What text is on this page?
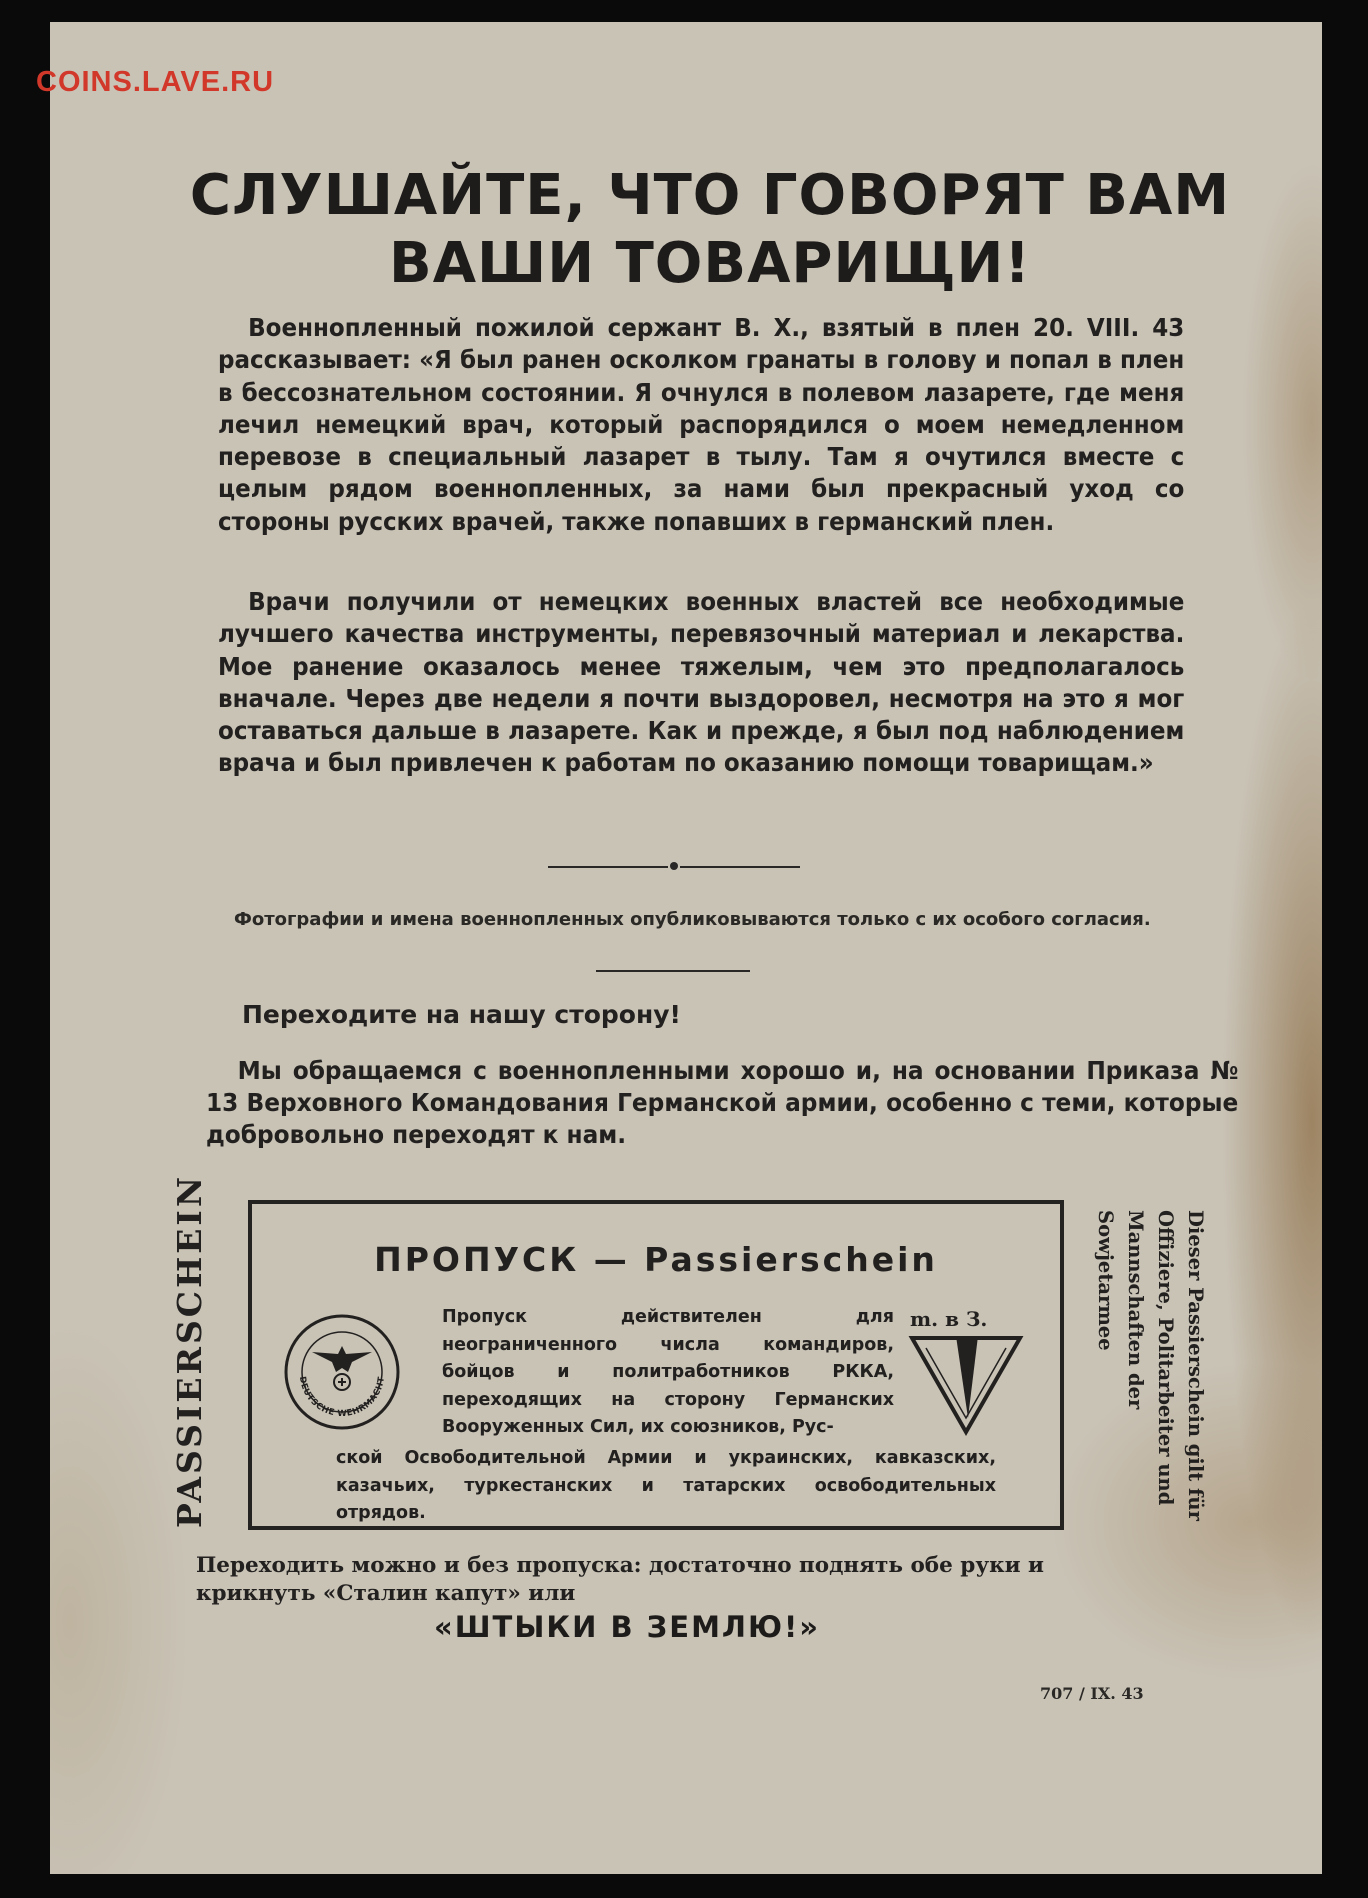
COINS.LAVE.RU
СЛУШАЙТЕ, ЧТО ГОВОРЯТ ВАМ
ВАШИ ТОВАРИЩИ!
Военнопленный пожилой сержант В. Х., взятый в плен 20. VIII. 43 рассказывает: «Я был ранен осколком гранаты в голову и попал в плен в бессознательном состоянии. Я очнулся в полевом лазарете, где меня лечил немецкий врач, который распорядился о моем немедленном перевозе в специальный лазарет в тылу. Там я очутился вместе с целым рядом военнопленных, за нами был прекрасный уход со стороны русских врачей, также попавших в германский плен.
Врачи получили от немецких военных властей все необходимые лучшего качества инструменты, перевязочный материал и лекарства. Мое ранение оказалось менее тяжелым, чем это предполагалось вначале. Через две недели я почти выздоровел, несмотря на это я мог оставаться дальше в лазарете. Как и прежде, я был под наблюдением врача и был привлечен к работам по оказанию помощи товарищам.»
Фотографии и имена военнопленных опубликовываются только с их особого согласия.
Переходите на нашу сторону!
Мы обращаемся с военнопленными хорошо и, на основании Приказа № 13 Верховного Командования Германской армии, особенно с теми, которые добровольно переходят к нам.
PASSIERSCHEIN	ПРОПУСК — Passierschein
DEUTSCHE WEHRMACHT
Пропуск действителен для неограниченного числа командиров, бойцов и политработников РККА, переходящих на сторону Германских Вооруженных Сил, их союзников, Рус-
ской Освободительной Армии и украинских, кавказских, казачьих, туркестанских и татарских освободительных отрядов.
m. в З.	Dieser Passierschein gilt für
Offiziere, Politarbeiter und
Mannschaften der Sowjetarmee
Переходить можно и без пропуска: достаточно поднять обе руки и крикнуть «Сталин капут» или
«ШТЫКИ В ЗЕМЛЮ!»
707 / IX. 43
